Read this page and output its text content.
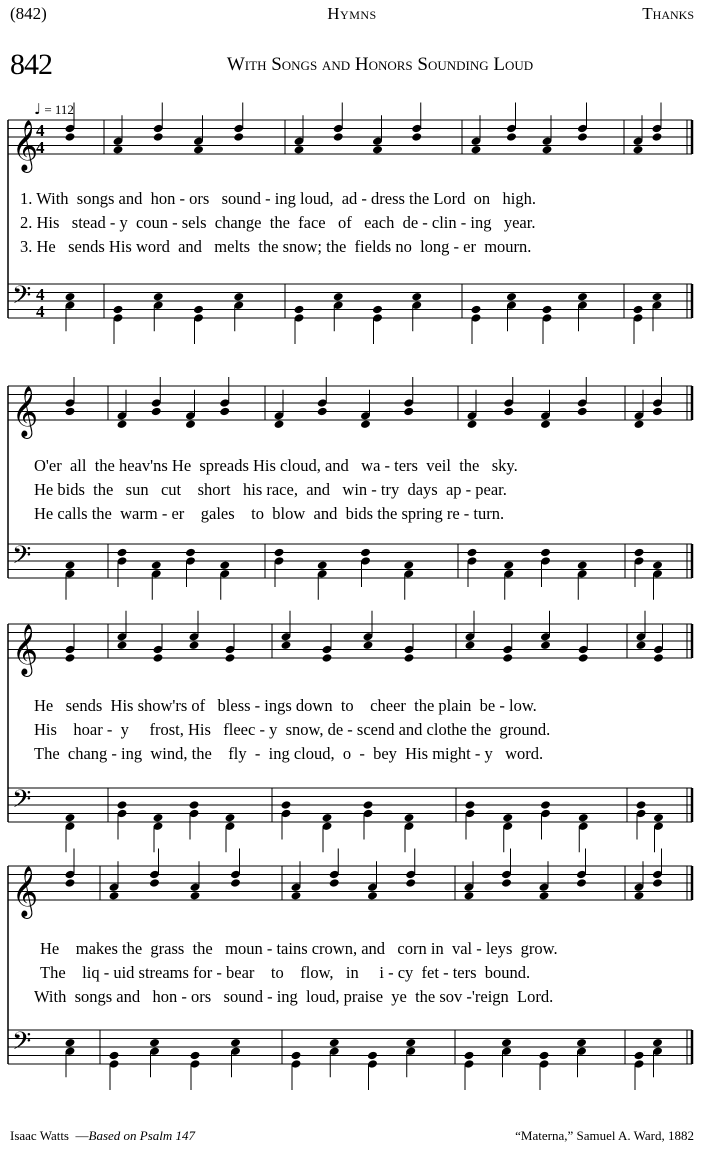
(842)	Hymns	Thanks
842	With Songs and Honors Sounding Loud
♩ = 112
𝄞
4
4
𝄢 4
4
𝄞
𝄢
𝄞
𝄢
𝄞
𝄢
1. With  songs and  hon - ors   sound - ing loud,  ad - dress the Lord  on   high.
2. His   stead - y  coun - sels  change  the  face   of   each  de - clin - ing   year.
3. He   sends His word  and   melts  the snow; the  fields no  long - er  mourn.
O'er  all  the heav'ns He  spreads His cloud, and   wa - ters  veil  the   sky.
He bids  the   sun   cut    short   his race,  and   win - try  days  ap - pear.
He calls the  warm - er    gales    to  blow  and  bids the spring re - turn.
He   sends  His show'rs of   bless - ings down  to    cheer  the plain  be - low.
His    hoar -  y     frost, His   fleec - y  snow, de - scend and clothe the  ground.
The  chang - ing  wind, the    fly  -  ing cloud,  o  -  bey  His might - y   word.
He    makes the  grass  the   moun - tains crown, and   corn in  val - leys  grow.
The    liq - uid streams for - bear    to    flow,   in     i - cy  fet - ters  bound.
With  songs and   hon - ors   sound - ing  loud, praise  ye  the sov -'reign  Lord.
Isaac Watts  —Based on Psalm 147	“Materna,” Samuel A. Ward, 1882
